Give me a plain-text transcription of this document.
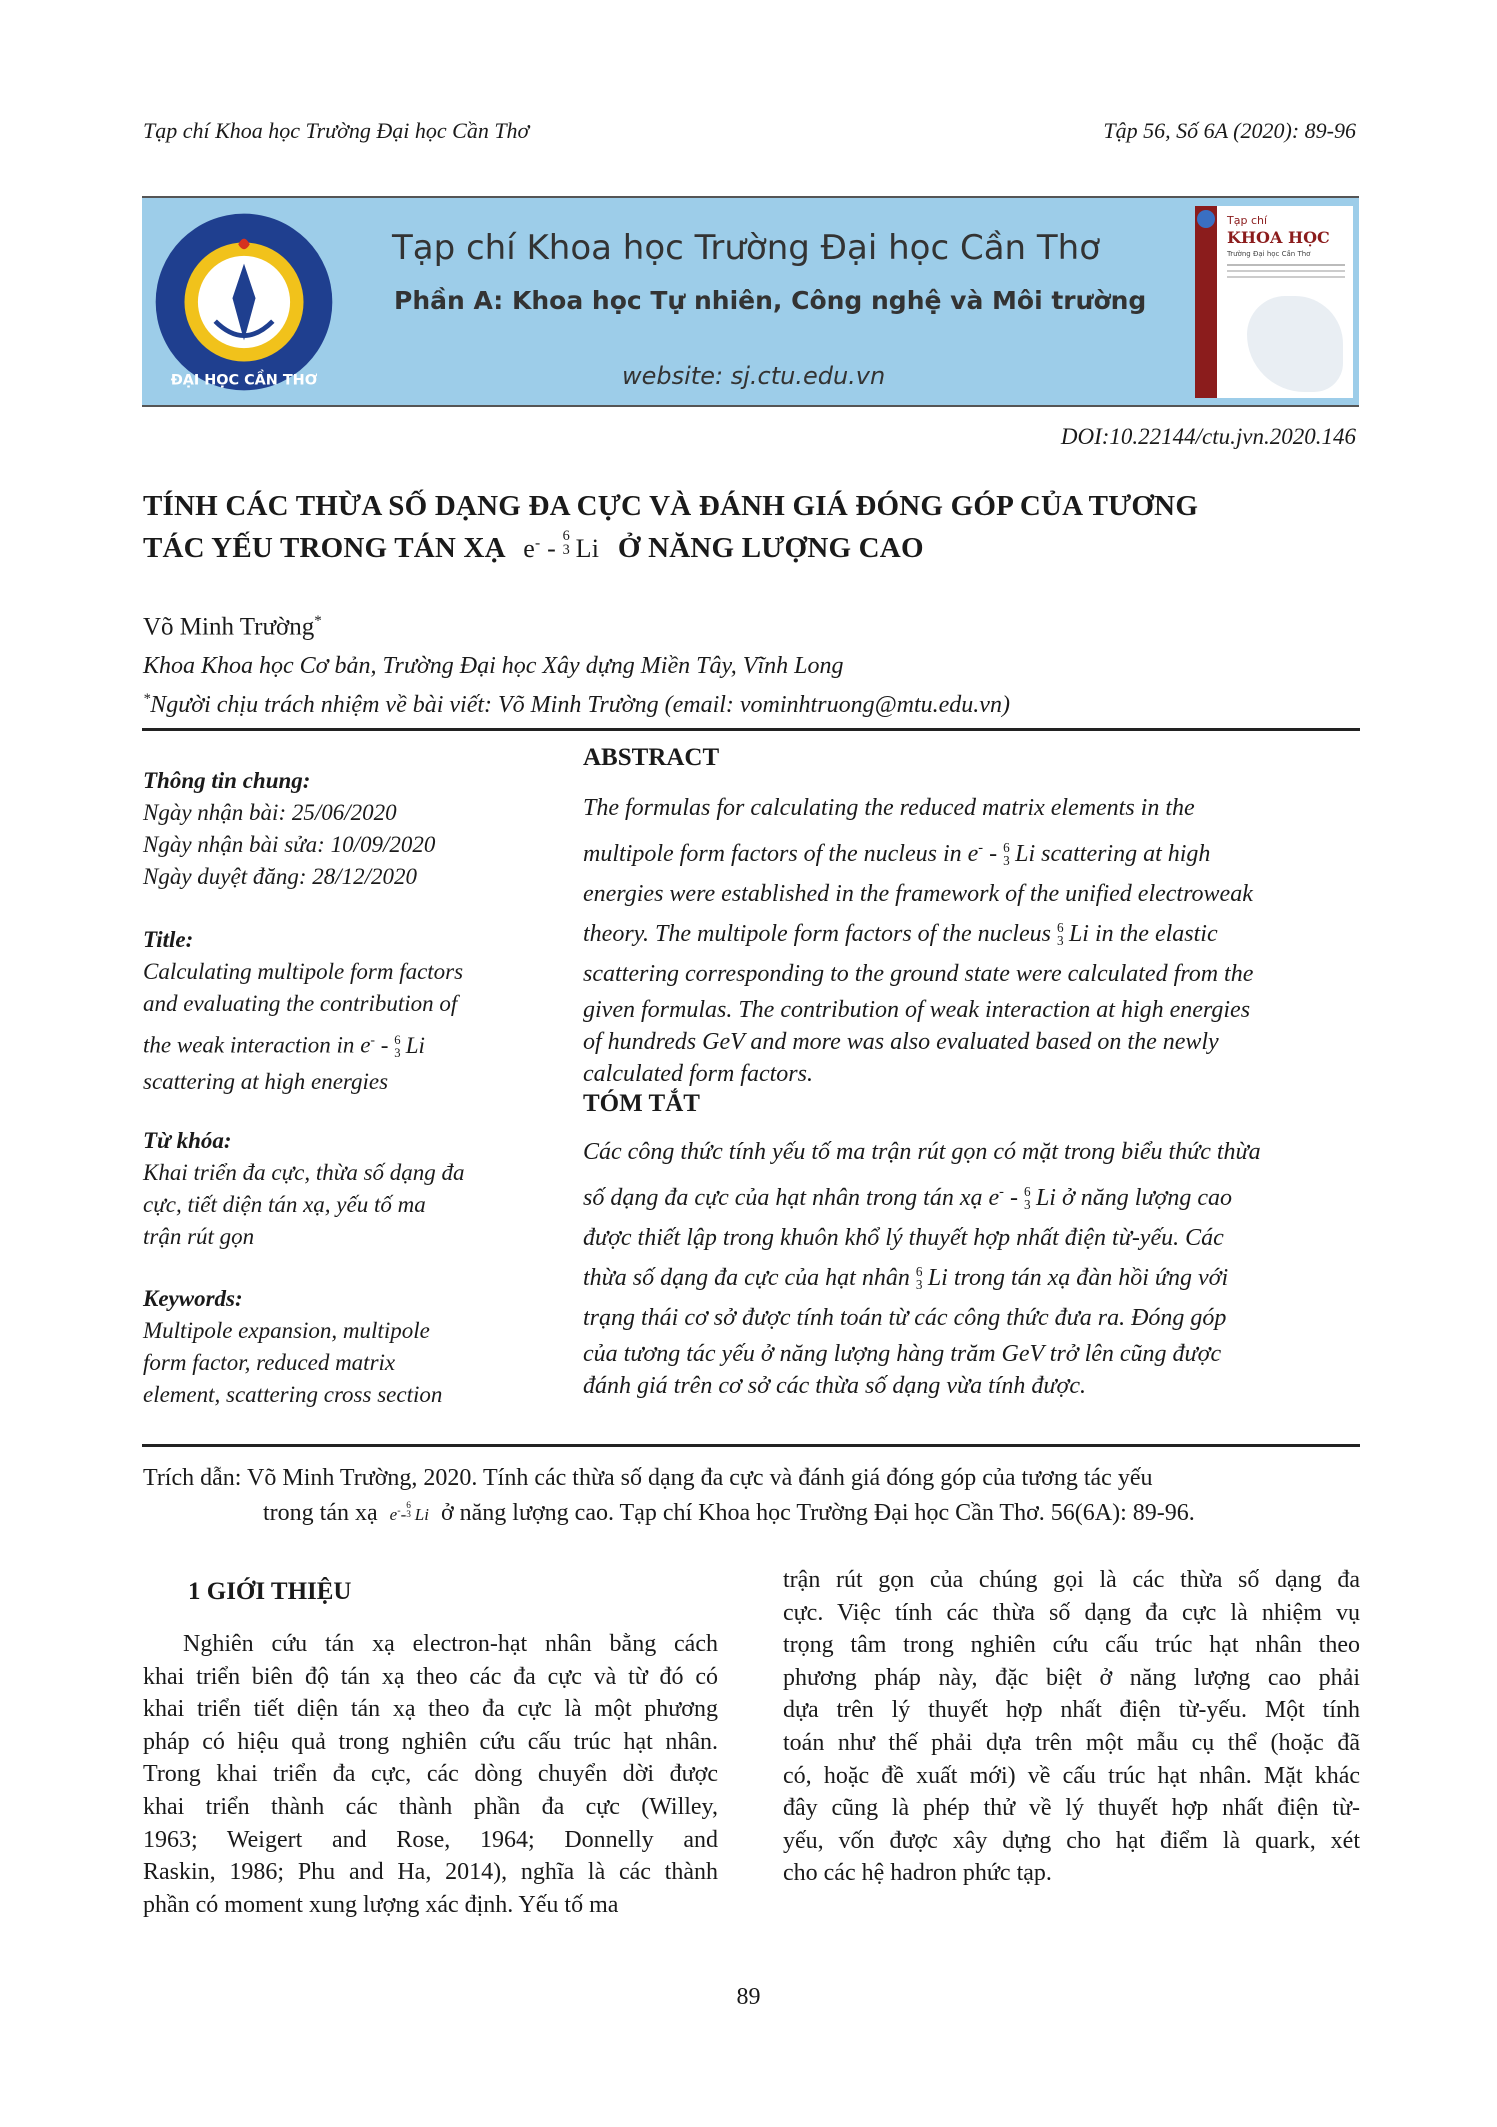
Tạp chí Khoa học Trường Đại học Cần Thơ	Tập 56, Số 6A (2020): 89-96
ĐẠI HỌC CẦN THƠ
Tạp chí Khoa học Trường Đại học Cần Thơ
Phần A: Khoa học Tự nhiên, Công nghệ và Môi trường
website: sj.ctu.edu.vn
Tạp chí
KHOA HỌC
Trường Đại học Cần Thơ
DOI:10.22144/ctu.jvn.2020.146
TÍNH CÁC THỪA SỐ DẠNG ĐA CỰC VÀ ĐÁNH GIÁ ĐÓNG GÓP CỦA TƯƠNG
TÁC YẾU TRONG TÁN XẠ e- - 6
3 Li Ở NĂNG LƯỢNG CAO
Võ Minh Trường*
Khoa Khoa học Cơ bản, Trường Đại học Xây dựng Miền Tây, Vĩnh Long
*Người chịu trách nhiệm về bài viết: Võ Minh Trường (email: vominhtruong@mtu.edu.vn)
Thông tin chung:
Ngày nhận bài: 25/06/2020
Ngày nhận bài sửa: 10/09/2020
Ngày duyệt đăng: 28/12/2020
Title:
Calculating multipole form factors
and evaluating the contribution of
the weak interaction in e- - 6
3 Li
scattering at high energies
Từ khóa:
Khai triển đa cực, thừa số dạng đa
cực, tiết diện tán xạ, yếu tố ma
trận rút gọn
Keywords:
Multipole expansion, multipole
form factor, reduced matrix
element, scattering cross section
ABSTRACT
The formulas for calculating the reduced matrix elements in the
multipole form factors of the nucleus in e- - 6
3 Li scattering at high
energies were established in the framework of the unified electroweak
theory. The multipole form factors of the nucleus 6
3 Li in the elastic
scattering corresponding to the ground state were calculated from the
given formulas. The contribution of weak interaction at high energies
of hundreds GeV and more was also evaluated based on the newly
calculated form factors.
TÓM TẮT
Các công thức tính yếu tố ma trận rút gọn có mặt trong biểu thức thừa
số dạng đa cực của hạt nhân trong tán xạ e- - 6
3 Li ở năng lượng cao
được thiết lập trong khuôn khổ lý thuyết hợp nhất điện từ-yếu. Các
thừa số dạng đa cực của hạt nhân 6
3 Li trong tán xạ đàn hồi ứng với
trạng thái cơ sở được tính toán từ các công thức đưa ra. Đóng góp
của tương tác yếu ở năng lượng hàng trăm GeV trở lên cũng được
đánh giá trên cơ sở các thừa số dạng vừa tính được.
Trích dẫn: Võ Minh Trường, 2020. Tính các thừa số dạng đa cực và đánh giá đóng góp của tương tác yếu
trong tán xạ e-- 6
3 Li ở năng lượng cao. Tạp chí Khoa học Trường Đại học Cần Thơ. 56(6A): 89-96.
1 GIỚI THIỆU
Nghiên cứu tán xạ electron-hạt nhân bằng cách
khai triển biên độ tán xạ theo các đa cực và từ đó có
khai triển tiết diện tán xạ theo đa cực là một phương
pháp có hiệu quả trong nghiên cứu cấu trúc hạt nhân.
Trong khai triển đa cực, các dòng chuyển dời được
khai triển thành các thành phần đa cực (Willey,
1963; Weigert and Rose, 1964; Donnelly and
Raskin, 1986; Phu and Ha, 2014), nghĩa là các thành
phần có moment xung lượng xác định. Yếu tố ma
trận rút gọn của chúng gọi là các thừa số dạng đa
cực. Việc tính các thừa số dạng đa cực là nhiệm vụ
trọng tâm trong nghiên cứu cấu trúc hạt nhân theo
phương pháp này, đặc biệt ở năng lượng cao phải
dựa trên lý thuyết hợp nhất điện từ-yếu. Một tính
toán như thế phải dựa trên một mẫu cụ thể (hoặc đã
có, hoặc đề xuất mới) về cấu trúc hạt nhân. Mặt khác
đây cũng là phép thử về lý thuyết hợp nhất điện từ-
yếu, vốn được xây dựng cho hạt điểm là quark, xét
cho các hệ hadron phức tạp.
89
